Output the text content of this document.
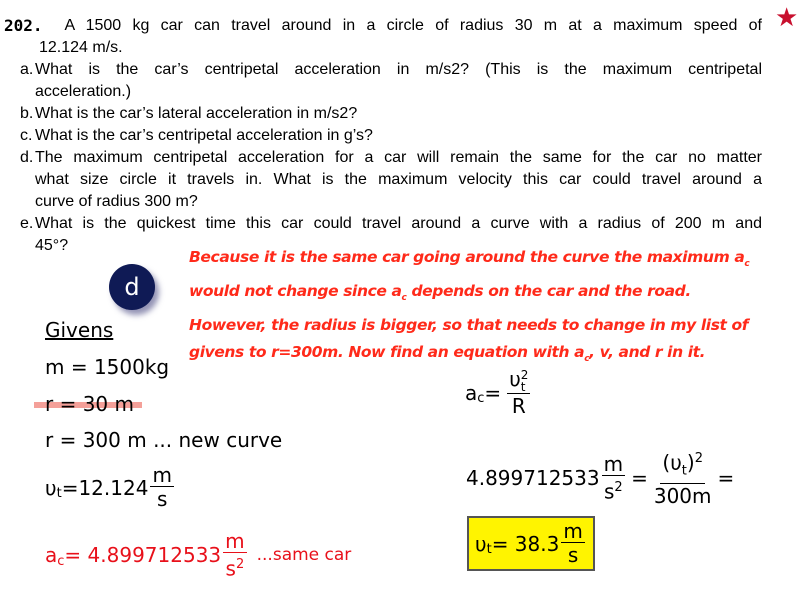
★
202. A 1500 kg car can travel around in a circle of radius 30 m at a maximum speed of
12.124 m/s.
a. What is the car’s centripetal acceleration in m/s2? (This is the maximum centripetal
acceleration.)
b. What is the car’s lateral acceleration in m/s2?
c. What is the car’s centripetal acceleration in g’s?
d. The maximum centripetal acceleration for a car will remain the same for the car no matter
what size circle it travels in. What is the maximum velocity this car could travel around a
curve of radius 300 m?
e. What is the quickest time this car could travel around a curve with a radius of 200 m and
45°?
d
Because it is the same car going around the curve the maximum $a_c$
would not change since $a_c$ depends on the car and the road.
However, the radius is bigger, so that needs to change in my list of
givens to r=300m. Now find an equation with $a_c$, v, and r in it.
Givens
m = 1500kg
r = 30 m
r = 300 m ... new curve
$\upsilon_t =12.124 \frac{m}{s}$
$a_c = 4.899712533 \frac{m}{s^2}$ ...same car
$a_c = \upsilon$ 2
t
R
$4.899712533 \frac{m}{s^2} = \frac{(\upsilon_t)^2}{300m}$ =
$\upsilon_t = 38.3 \frac{m}{s}$
